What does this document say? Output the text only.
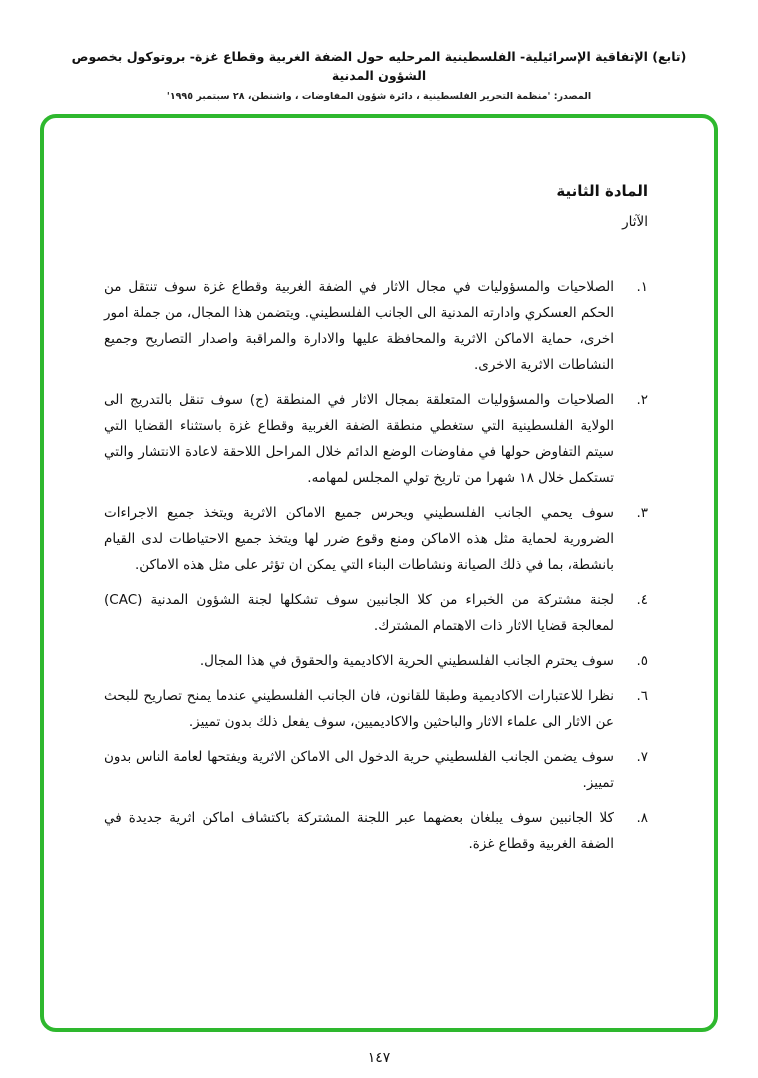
(تابع) الإتفاقية الإسرائيلية- الفلسطينية المرحليه حول الضفة الغربية وقطاع غزة- بروتوكول بخصوص الشؤون المدنية
المصدر: 'منظمة التحرير الفلسطينية ، دائرة شؤون المفاوضات ، واشنطن، ٢٨ سبتمبر ١٩٩٥'
المادة الثانية
الآثار
١.
الصلاحيات والمسؤوليات في مجال الاثار في الضفة الغربية وقطاع غزة سوف تنتقل من الحكم العسكري وادارته المدنية الى الجانب الفلسطيني. ويتضمن هذا المجال، من جملة امور اخرى، حماية الاماكن الاثرية والمحافظة عليها والادارة والمراقبة واصدار التصاريح وجميع النشاطات الاثرية الاخرى.
٢.
الصلاحيات والمسؤوليات المتعلقة بمجال الاثار في المنطقة (ج) سوف تنقل بالتدريج الى الولاية الفلسطينية التي ستغطي منطقة الضفة الغربية وقطاع غزة باستثناء القضايا التي سيتم التفاوض حولها في مفاوضات الوضع الدائم خلال المراحل اللاحقة لاعادة الانتشار والتي تستكمل خلال ١٨ شهرا من تاريخ تولي المجلس لمهامه.
٣.
سوف يحمي الجانب الفلسطيني ويحرس جميع الاماكن الاثرية ويتخذ جميع الاجراءات الضرورية لحماية مثل هذه الاماكن ومنع وقوع ضرر لها ويتخذ جميع الاحتياطات لدى القيام بانشطة، بما في ذلك الصيانة ونشاطات البناء التي يمكن ان تؤثر على مثل هذه الاماكن.
٤.
لجنة مشتركة من الخبراء من كلا الجانبين سوف تشكلها لجنة الشؤون المدنية (CAC) لمعالجة قضايا الاثار ذات الاهتمام المشترك.
٥.
سوف يحترم الجانب الفلسطيني الحرية الاكاديمية والحقوق في هذا المجال.
٦.
نظرا للاعتبارات الاكاديمية وطبقا للقانون، فان الجانب الفلسطيني عندما يمنح تصاريح للبحث عن الاثار الى علماء الاثار والباحثين والاكاديميين، سوف يفعل ذلك بدون تمييز.
٧.
سوف يضمن الجانب الفلسطيني حرية الدخول الى الاماكن الاثرية ويفتحها لعامة الناس بدون تمييز.
٨.
كلا الجانبين سوف يبلغان بعضهما عبر اللجنة المشتركة باكتشاف اماكن اثرية جديدة في الضفة الغربية وقطاع غزة.
١٤٧
